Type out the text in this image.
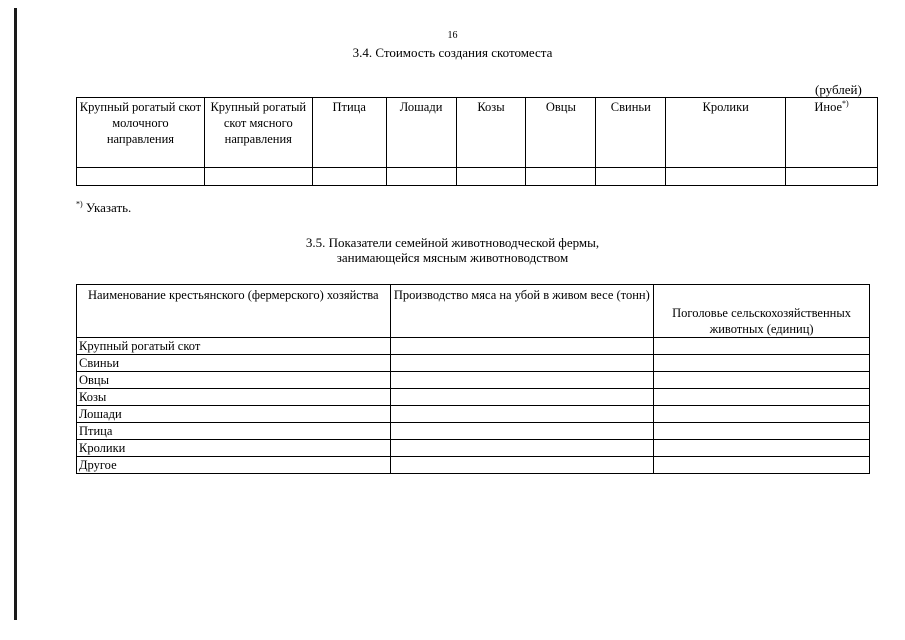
16
3.4. Стоимость создания скотоместа
(рублей)
Крупный рогатый скот молочного направления	Крупный рогатый скот мясного направления	Птица	Лошади	Козы	Овцы	Свиньи	Кролики	Иное*)

*) Указать.
3.5. Показатели семейной животноводческой фермы,
занимающейся мясным животноводством
Наименование крестьянского (фермерского) хозяйства	Производство мяса на убой в живом весе (тонн)	Поголовье сельскохозяйственных животных (единиц)
Крупный рогатый скот		
Свиньи		
Овцы		
Козы		
Лошади		
Птица		
Кролики		
Другое		
